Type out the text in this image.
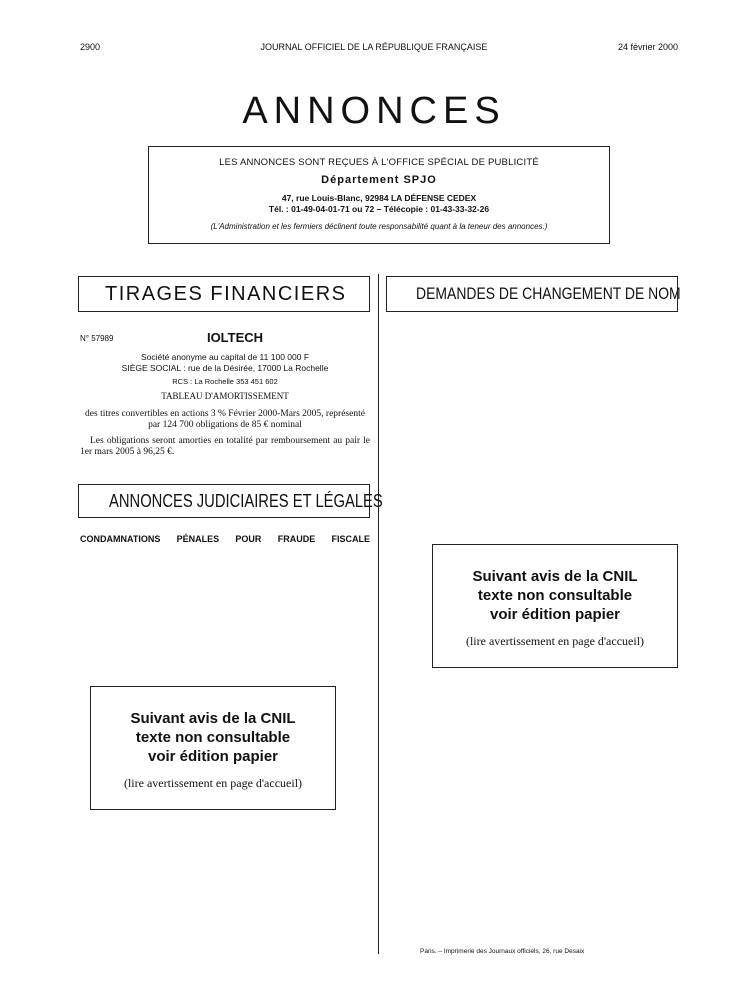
2900	JOURNAL OFFICIEL DE LA RÉPUBLIQUE FRANÇAISE	24 février 2000
ANNONCES
LES ANNONCES SONT REÇUES À L'OFFICE SPÉCIAL DE PUBLICITÉ
Département SPJO
47, rue Louis-Blanc, 92984 LA DÉFENSE CEDEX
Tél. : 01-49-04-01-71 ou 72 – Télécopie : 01-43-33-32-26
(L'Administration et les fermiers déclinent toute responsabilité quant à la teneur des annonces.)
TIRAGES FINANCIERS	DEMANDES DE CHANGEMENT DE NOM
IOLTECH
N° 57989
Société anonyme au capital de 11 100 000 F
SIÈGE SOCIAL : rue de la Désirée, 17000 La Rochelle
RCS : La Rochelle 353 451 602
TABLEAU D'AMORTISSEMENT
des titres convertibles en actions 3 % Février 2000-Mars 2005, représenté par 124 700 obligations de 85 € nominal
Les obligations seront amorties en totalité par remboursement au pair le 1er mars 2005 à 96,25 €.
ANNONCES JUDICIAIRES ET LÉGALES
CONDAMNATIONS PÉNALES POUR FRAUDE FISCALE
Suivant avis de la CNIL
texte non consultable
voir édition papier
(lire avertissement en page d'accueil)
Suivant avis de la CNIL
texte non consultable
voir édition papier
(lire avertissement en page d'accueil)
Paris. – Imprimerie des Journaux officiels, 26, rue Desaix
